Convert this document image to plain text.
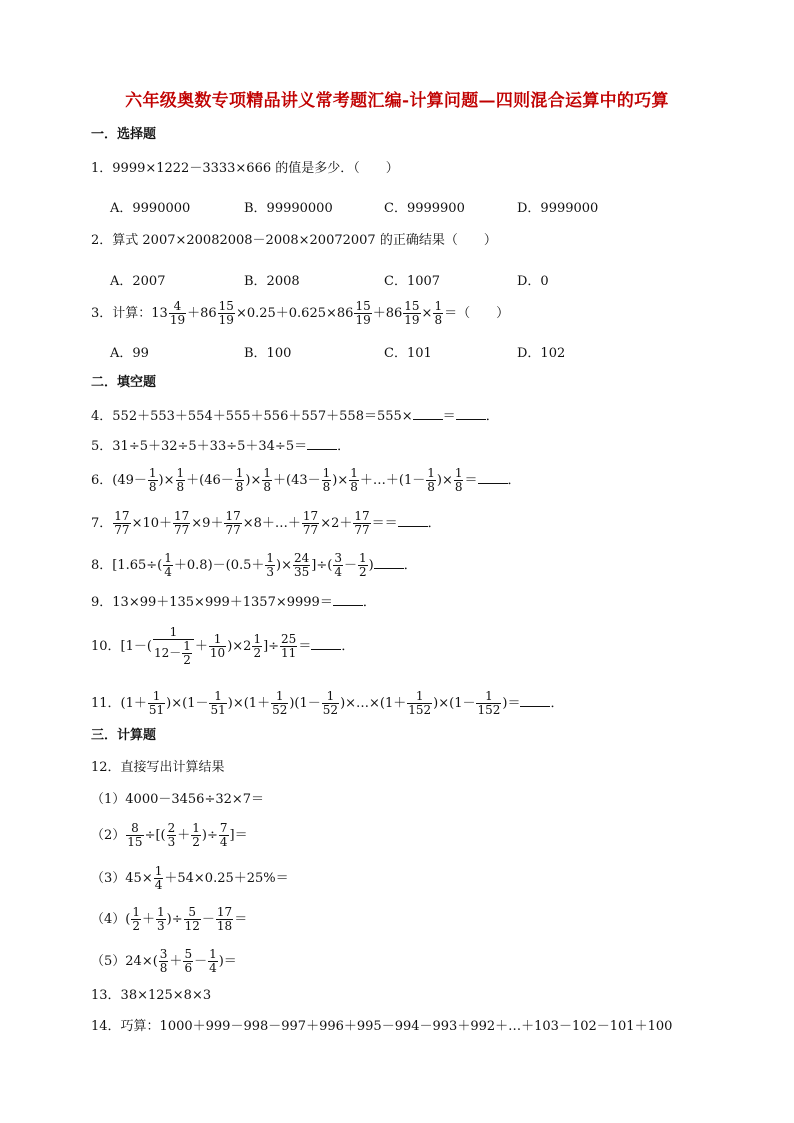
六年级奥数专项精品讲义常考题汇编-计算问题—四则混合运算中的巧算
一．选择题
1．9999×1222－3333×666 的值是多少．（　　）
A．9990000	B．99990000	C．9999900	D．9999000
2．算式 2007×20082008－2008×20072007 的正确结果（　　）
A．2007	B．2008	C．1007	D．0
3．计算：$13 \frac{4}{19} +86 \frac{15}{19} \times 0.25+0.625\times 86 \frac{15}{19} +86 \frac{15}{19} \times \frac{1}{8}$ ＝（　　）
A．99	B．100	C．101	D．102
二．填空题
4．552＋553＋554＋555＋556＋557＋558＝555× ＝ ．
5．31÷5＋32÷5＋33÷5＋34÷5＝ ．
6．($49- \frac{1}{8}$ )× $\frac{1}{8} +(46- \frac{1}{8}$ )× $\frac{1}{8} +(43- \frac{1}{8}$ )× $\frac{1}{8}$ ＋…＋(1－ $\frac{1}{8}$ )× $\frac{1}{8}$ ＝ ．
7． $\frac{17}{77} \times 10+ \frac{17}{77} \times 9+ \frac{17}{77}$ ×8＋…＋ $\frac{17}{77} \times 2+ \frac{17}{77}$ ＝＝ ．
8．[$1.65\div( \frac{1}{4} +0.8)-(0.5+ \frac{1}{3}$ )× $\frac{24}{35}$ ]÷( $\frac{3}{4} - \frac{1}{2}$ ) ．
9．13×99＋135×999＋1357×9999＝ ．
10．[$1-( \frac{1}{12- \frac{1}{2}} + \frac{1}{10} )\times 2 \frac{1}{2}$ ]÷ $\frac{25}{11}$ ＝ ．
11．$(1+ \frac{1}{51} )\times(1- \frac{1}{51} )\times(1+ \frac{1}{52} )(1- \frac{1}{52}$ )×…×(1＋ $\frac{1}{152} )\times(1- \frac{1}{152}$ )＝ ．
三．计算题
12．直接写出计算结果
（1）4000－3456÷32×7＝
$(2) \frac{8}{15}$ ÷[( $\frac{2}{3} + \frac{1}{2}$ )÷ $\frac{7}{4}$ ]＝
$(3)45\times \frac{1}{4} +54\times 0.25+25\%=$
$(4)( \frac{1}{2} + \frac{1}{3}$ )÷ $\frac{5}{12} - \frac{17}{18}$ ＝
$(5)24\times( \frac{3}{8} + \frac{5}{6} - \frac{1}{4}$ )＝
13．38×125×8×3
14．巧算：1000＋999－998－997＋996＋995－994－993＋992＋…＋103－102－101＋100
